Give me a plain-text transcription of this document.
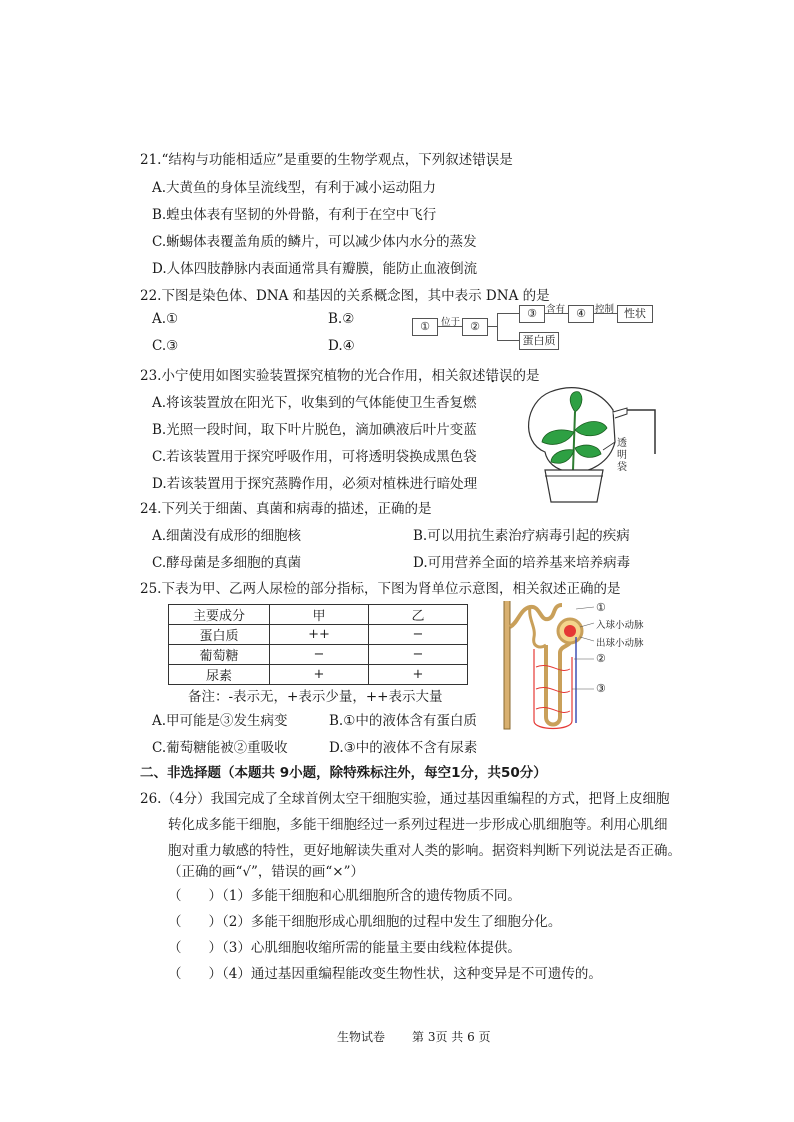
21.“结构与功能相适应”是重要的生物学观点，下列叙述错误 • •是
A.大黄鱼的身体呈流线型，有利于减小运动阻力
B.蝗虫体表有坚韧的外骨骼，有利于在空中飞行
C.蜥蜴体表覆盖角质的鳞片，可以减少体内水分的蒸发
D.人体四肢静脉内表面通常具有瓣膜，能防止血液倒流
22.下图是染色体、DNA 和基因的关系概念图，其中表示 DNA 的是
A.①	B.②
C.③	D.④
①	位于 ②
③ 含有	④ 控制 性状
蛋白质
23.小宁使用如图实验装置探究植物的光合作用，相关叙述错误 • •的是
A.将该装置放在阳光下，收集到的气体能使卫生香复燃
B.光照一段时间，取下叶片脱色，滴加碘液后叶片变蓝
C.若该装置用于探究呼吸作用，可将透明袋换成黑色袋
D.若该装置用于探究蒸腾作用，必须对植株进行暗处理
透
明
袋
24.下列关于细菌、真菌和病毒的描述，正确的是
A.细菌没有成形的细胞核	B.可以用抗生素治疗病毒引起的疾病
C.酵母菌是多细胞的真菌	D.可用营养全面的培养基来培养病毒
25.下表为甲、乙两人尿检的部分指标，下图为肾单位示意图，相关叙述正确的是
主要成分	甲	乙
蛋白质	++	−
葡萄糖	−	−
尿素	+	+
备注：-表示无，+表示少量，++表示大量
①
入球小动脉
出球小动脉
②
③
A.甲可能是③发生病变	B.①中的液体含有蛋白质
C.葡萄糖能被②重吸收	D.③中的液体不含有尿素
二、非选择题（本题共 9小题，除特殊标注外，每空1分，共50分）
26.（4分）我国完成了全球首例太空干细胞实验，通过基因重编程的方式，把肾上皮细胞
转化成多能干细胞，多能干细胞经过一系列过程进一步形成心肌细胞等。利用心肌细
胞对重力敏感的特性，更好地解读失重对人类的影响。据资料判断下列说法是否正确。
（正确的画“√”，错误的画“×”）
（　　）（1）多能干细胞和心肌细胞所含的遗传物质不同。
（　　）（2）多能干细胞形成心肌细胞的过程中发生了细胞分化。
（　　）（3）心肌细胞收缩所需的能量主要由线粒体提供。
（　　）（4）通过基因重编程能改变生物性状，这种变异是不可遗传的。
生物试卷 第 3页 共 6 页
